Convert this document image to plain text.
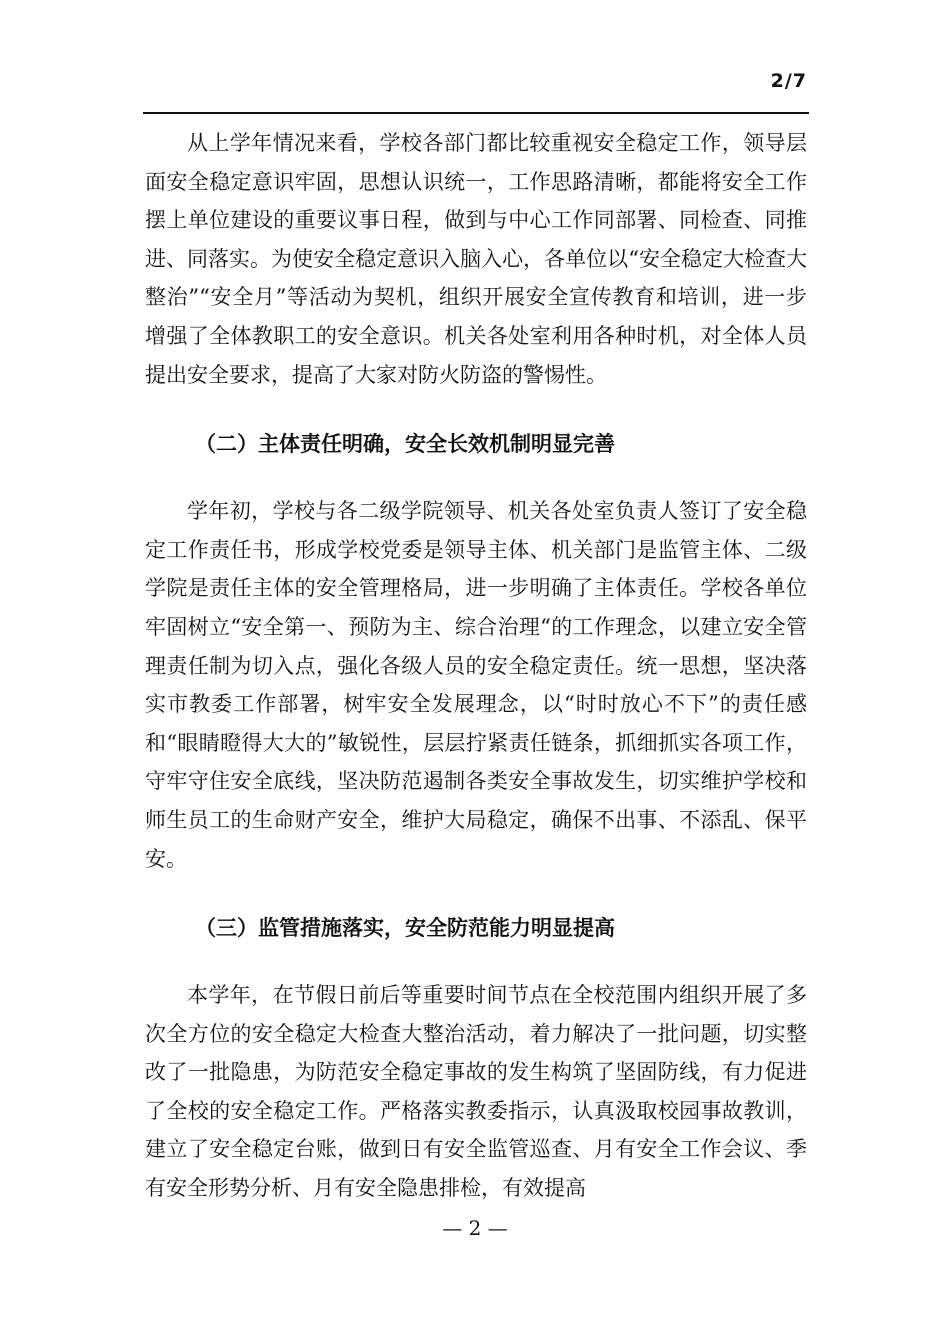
2/7

从上学年情况来看，学校各部门都比较重视安全稳定工作，领导层面安全稳定意识牢固，思想认识统一，工作思路清晰，都能将安全工作摆上单位建设的重要议事日程，做到与中心工作同部署、同检查、同推进、同落实。为使安全稳定意识入脑入心，各单位以“安全稳定大检查大整治”“安全月”等活动为契机，组织开展安全宣传教育和培训，进一步增强了全体教职工的安全意识。机关各处室利用各种时机，对全体人员提出安全要求，提高了大家对防火防盗的警惕性。

（二）主体责任明确，安全长效机制明显完善

学年初，学校与各二级学院领导、机关各处室负责人签订了安全稳定工作责任书，形成学校党委是领导主体、机关部门是监管主体、二级学院是责任主体的安全管理格局，进一步明确了主体责任。学校各单位牢固树立“安全第一、预防为主、综合治理“的工作理念，以建立安全管理责任制为切入点，强化各级人员的安全稳定责任。统一思想，坚决落实市教委工作部署，树牢安全发展理念，以“时时放心不下”的责任感和“眼睛瞪得大大的”敏锐性，层层拧紧责任链条，抓细抓实各项工作，守牢守住安全底线，坚决防范遏制各类安全事故发生，切实维护学校和师生员工的生命财产安全，维护大局稳定，确保不出事、不添乱、保平安。

（三）监管措施落实，安全防范能力明显提高

本学年，在节假日前后等重要时间节点在全校范围内组织开展了多次全方位的安全稳定大检查大整治活动，着力解决了一批问题，切实整改了一批隐患，为防范安全稳定事故的发生构筑了坚固防线，有力促进了全校的安全稳定工作。严格落实教委指示，认真汲取校园事故教训，建立了安全稳定台账，做到日有安全监管巡查、月有安全工作会议、季有安全形势分析、月有安全隐患排检，有效提高

— 2 —
